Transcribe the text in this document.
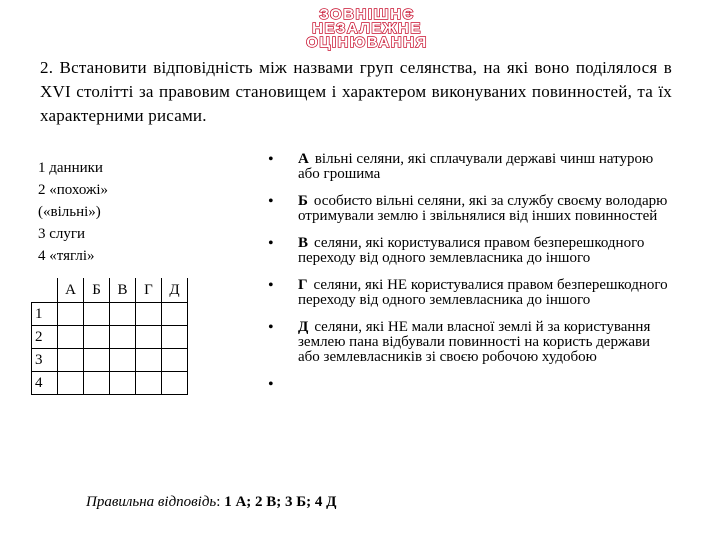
ЗОВНІШНЄ
НЕЗАЛЕЖНЕ
ОЦІНЮВАННЯ
2. Встановити відповідність між назвами груп селянства, на які воно поділялося в XVI столітті за правовим становищем і характером виконуваних повинностей, та їх характерними рисами.
1 данники
2 «похожі»
(«вільні»)
3 слуги
4 «тяглі»
	А	Б	В	Г	Д
1					
2					
3					
4					
• А вільні селяни, які сплачували державі чинш натурою або грошима
• Б особисто вільні селяни, які за службу своєму володарю отримували землю і звільнялися від інших повинностей
• В селяни, які користувалися правом безперешкодного переходу від одного землевласника до іншого
• Г селяни, які НЕ користувалися правом безперешкодного переходу від одного землевласника до іншого
• Д селяни, які НЕ мали власної землі й за користування землею пана відбували повинності на користь держави або землевласників зі своєю робочою худобою
•
Правильна відповідь: 1 А; 2 В; 3 Б; 4 Д
